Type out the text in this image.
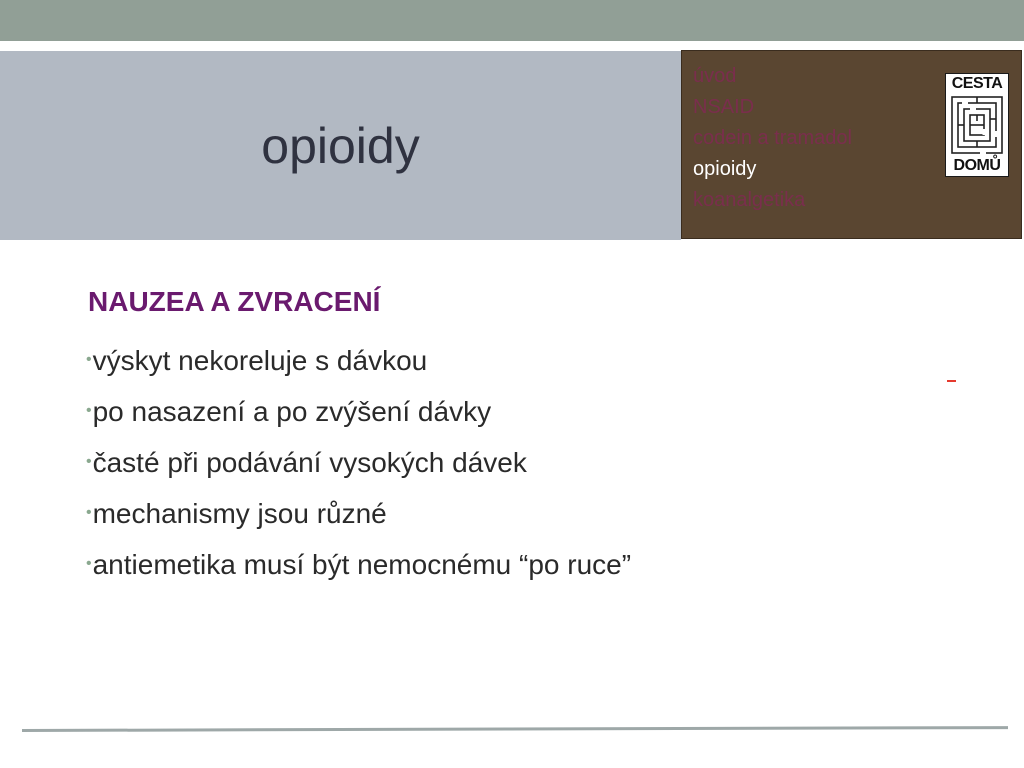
opioidy
úvod
NSAID
codein a tramadol
opioidy
koanalgetika
CESTA
DOMŮ
NAUZEA A ZVRACENÍ
•výskyt nekoreluje s dávkou
•po nasazení a po zvýšení dávky
•časté při podávání vysokých dávek
•mechanismy jsou různé
•antiemetika musí být nemocnému “po ruce”
